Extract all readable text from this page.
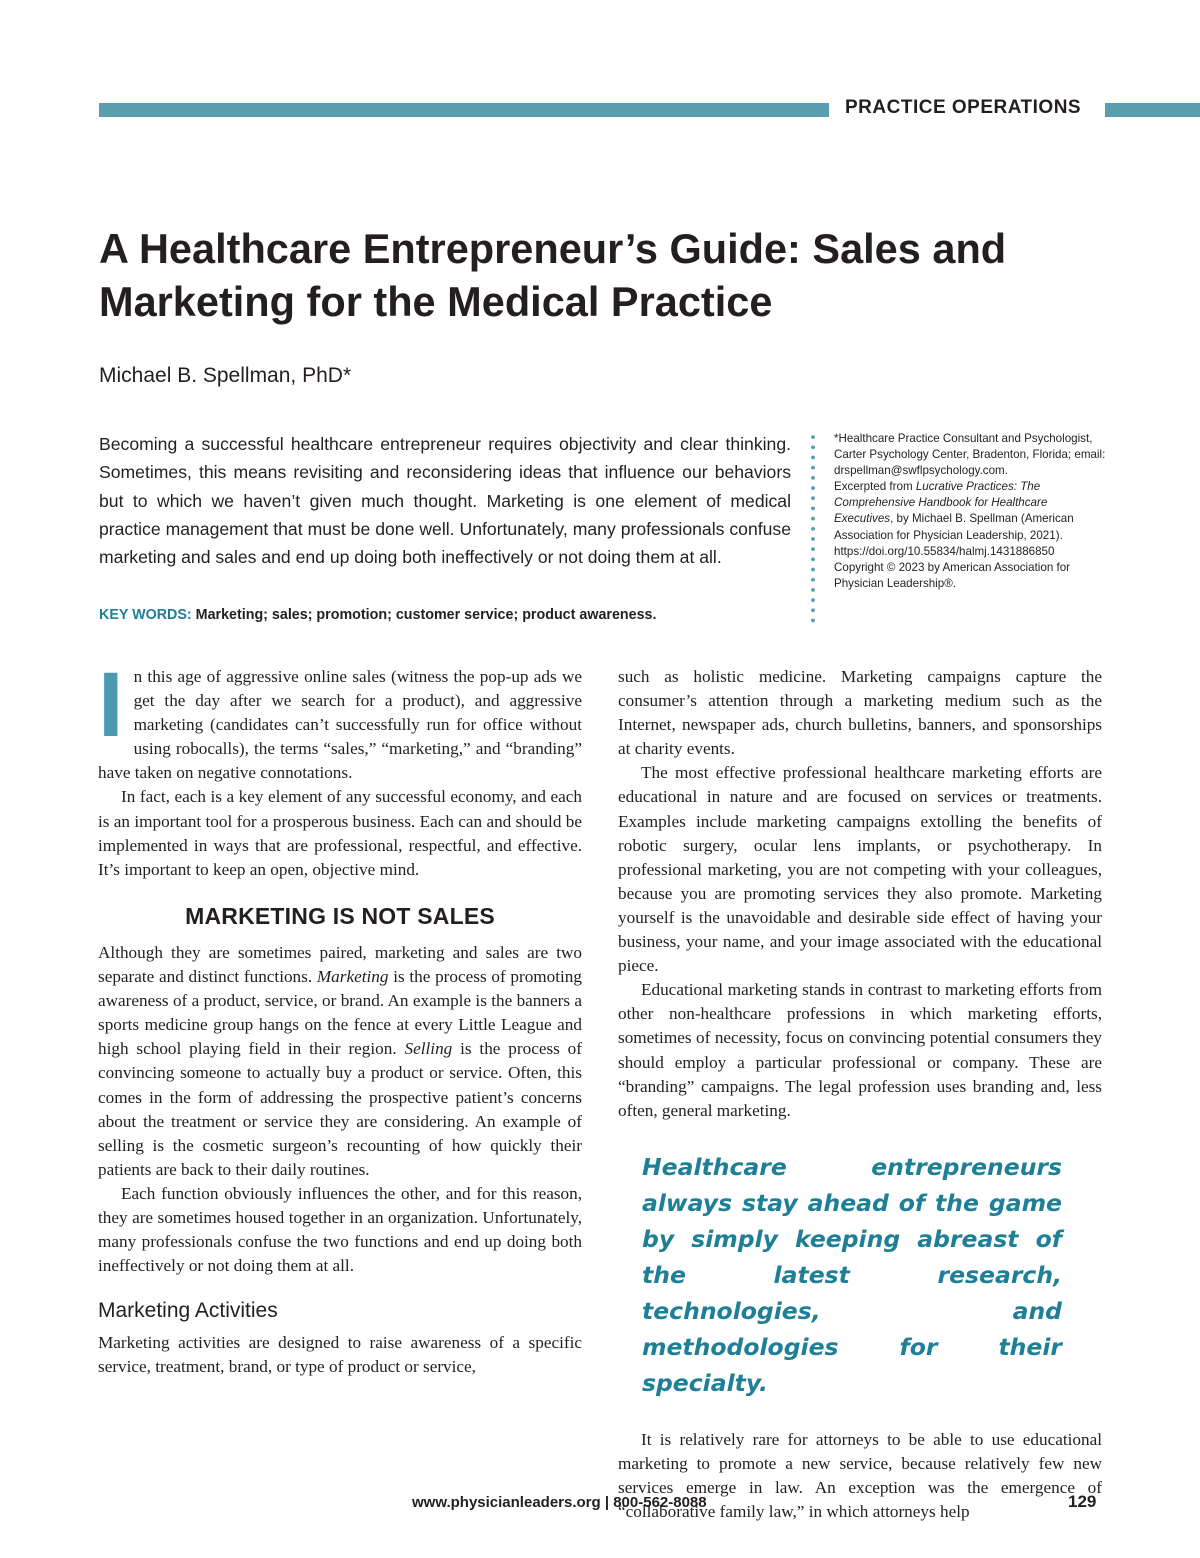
PRACTICE OPERATIONS
A Healthcare Entrepreneur’s Guide: Sales and Marketing for the Medical Practice
Michael B. Spellman, PhD*

Becoming a successful healthcare entrepreneur requires objectivity and clear thinking. Sometimes, this means revisiting and reconsidering ideas that influence our behaviors but to which we haven’t given much thought. Marketing is one element of medical practice management that must be done well. Unfortunately, many professionals confuse marketing and sales and end up doing both ineffectively or not doing them at all.

KEY WORDS: Marketing; sales; promotion; customer service; product awareness.

*Healthcare Practice Consultant and Psychologist, Carter Psychology Center, Bradenton, Florida; email: drspellman@swflpsychology.com.

Excerpted from Lucrative Practices: The Comprehensive Handbook for Healthcare Executives, by Michael B. Spellman (American Association for Physician Leadership, 2021).

https://doi.org/10.55834/halmj.1431886850

Copyright © 2023 by American Association for Physician Leadership®.

In this age of aggressive online sales (witness the pop-up ads we get the day after we search for a product), and aggressive marketing (candidates can’t successfully run for office without using robocalls), the terms “sales,” “marketing,” and “branding” have taken on negative connotations.

In fact, each is a key element of any successful economy, and each is an important tool for a prosperous business. Each can and should be implemented in ways that are professional, respectful, and effective. It’s important to keep an open, objective mind.

MARKETING IS NOT SALES

Although they are sometimes paired, marketing and sales are two separate and distinct functions. Marketing is the process of promoting awareness of a product, service, or brand. An example is the banners a sports medicine group hangs on the fence at every Little League and high school playing field in their region. Selling is the process of convincing someone to actually buy a product or service. Often, this comes in the form of addressing the prospective patient’s concerns about the treatment or service they are considering. An example of selling is the cosmetic surgeon’s recounting of how quickly their patients are back to their daily routines.

Each function obviously influences the other, and for this reason, they are sometimes housed together in an organization. Unfortunately, many professionals confuse the two functions and end up doing both ineffectively or not doing them at all.

Marketing Activities

Marketing activities are designed to raise awareness of a specific service, treatment, brand, or type of product or service,

such as holistic medicine. Marketing campaigns capture the consumer’s attention through a marketing medium such as the Internet, newspaper ads, church bulletins, banners, and sponsorships at charity events.

The most effective professional healthcare marketing efforts are educational in nature and are focused on services or treatments. Examples include marketing campaigns extolling the benefits of robotic surgery, ocular lens implants, or psychotherapy. In professional marketing, you are not competing with your colleagues, because you are promoting services they also promote. Marketing yourself is the unavoidable and desirable side effect of having your business, your name, and your image associated with the educational piece.

Educational marketing stands in contrast to marketing efforts from other non-healthcare professions in which marketing efforts, sometimes of necessity, focus on convincing potential consumers they should employ a particular professional or company. These are “branding” campaigns. The legal profession uses branding and, less often, general marketing.

Healthcare entrepreneurs always stay ahead of the game by simply keeping abreast of the latest research, technologies, and methodologies for their specialty.

It is relatively rare for attorneys to be able to use educational marketing to promote a new service, because relatively few new services emerge in law. An exception was the emergence of “collaborative family law,” in which attorneys help

www.physicianleaders.org | 800-562-8088	129
